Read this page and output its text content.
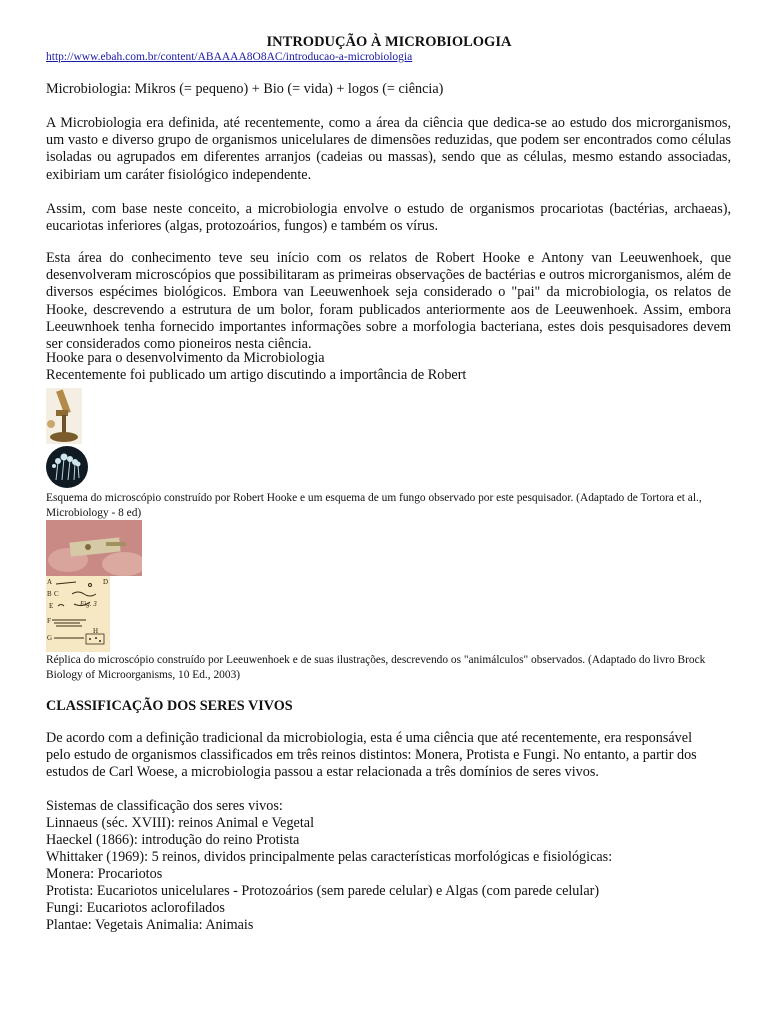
INTRODUÇÃO À MICROBIOLOGIA
http://www.ebah.com.br/content/ABAAAA8O8AC/introducao-a-microbiologia
Microbiologia: Mikros (= pequeno) + Bio (= vida) + logos (= ciência)
A Microbiologia era definida, até recentemente, como a área da ciência que dedica-se ao estudo dos microrganismos, um vasto e diverso grupo de organismos unicelulares de dimensões reduzidas, que podem ser encontrados como células isoladas ou agrupados em diferentes arranjos (cadeias ou massas), sendo que as células, mesmo estando associadas, exibiriam um caráter fisiológico independente.
Assim, com base neste conceito, a microbiologia envolve o estudo de organismos procariotas (bactérias, archaeas), eucariotas inferiores (algas, protozoários, fungos) e também os vírus.
Esta área do conhecimento teve seu início com os relatos de Robert Hooke e Antony van Leeuwenhoek, que desenvolveram microscópios que possibilitaram as primeiras observações de bactérias e outros microrganismos, além de diversos espécimes biológicos. Embora van Leeuwenhoek seja considerado o "pai" da microbiologia, os relatos de Hooke, descrevendo a estrutura de um bolor, foram publicados anteriormente aos de Leeuwenhoek. Assim, embora Leeuwnhoek tenha fornecido importantes informações sobre a morfologia bacteriana, estes dois pesquisadores devem ser considerados como pioneiros nesta ciência.
Hooke para o desenvolvimento da Microbiologia
Recentemente foi publicado um artigo discutindo a importância de Robert
Esquema do microscópio construído por Robert Hooke e um esquema de um fungo observado por este pesquisador. (Adaptado de Tortora et al., Microbiology - 8 ed)
A
B C
D
E
F
G
H
Fig. 3
Réplica do microscópio construído por Leeuwenhoek e de suas ilustrações, descrevendo os "animálculos" observados. (Adaptado do livro Brock Biology of Microorganisms, 10 Ed., 2003)
CLASSIFICAÇÃO DOS SERES VIVOS
De acordo com a definição tradicional da microbiologia, esta é uma ciência que até recentemente, era responsável pelo estudo de organismos classificados em três reinos distintos: Monera, Protista e Fungi. No entanto, a partir dos estudos de Carl Woese, a microbiologia passou a estar relacionada a três domínios de seres vivos.
Sistemas de classificação dos seres vivos:
Linnaeus (séc. XVIII): reinos Animal e Vegetal
Haeckel (1866): introdução do reino Protista
Whittaker (1969): 5 reinos, dividos principalmente pelas características morfológicas e fisiológicas:
Monera: Procariotos
Protista: Eucariotos unicelulares - Protozoários (sem parede celular) e Algas (com parede celular)
Fungi: Eucariotos aclorofilados
Plantae: Vegetais Animalia: Animais
